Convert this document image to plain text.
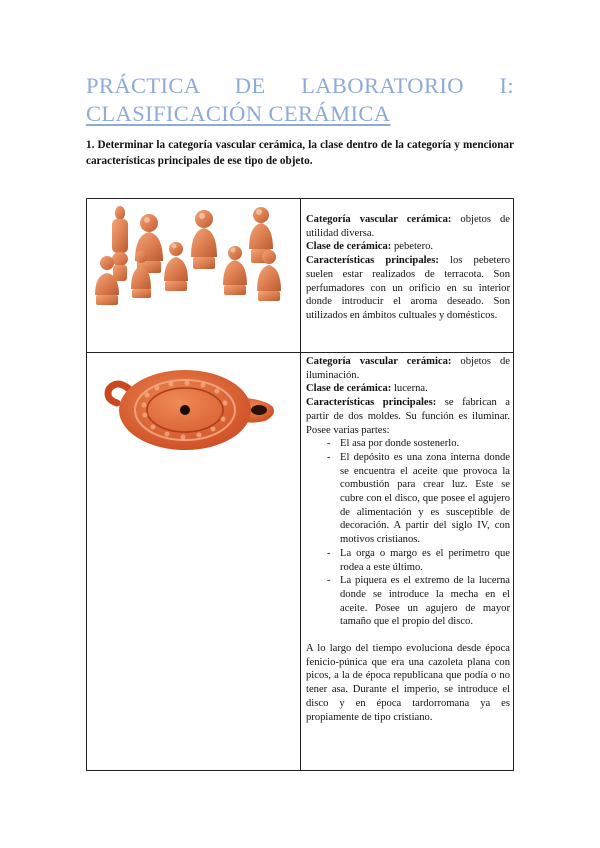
PRÁCTICA DE LABORATORIO I:
CLASIFICACIÓN CERÁMICA
1. Determinar la categoría vascular cerámica, la clase dentro de la categoría y mencionar características principales de ese tipo de objeto.

Categoría vascular cerámica: objetos de utilidad diversa.

Clase de cerámica: pebetero.

Características principales: los pebetero suelen estar realizados de terracota. Son perfumadores con un orificio en su interior donde introducir el aroma deseado. Son utilizados en ámbitos cultuales y domésticos.

Categoría vascular cerámica: objetos de iluminación.

Clase de cerámica: lucerna.

Características principales: se fabrican a partir de dos moldes. Su función es iluminar. Posee varias partes:

- El asa por donde sostenerlo.
- El depósito es una zona interna donde se encuentra el aceite que provoca la combustión para crear luz. Este se cubre con el disco, que posee el agujero de alimentación y es susceptible de decoración. A partir del siglo IV, con motivos cristianos.
- La orga o margo es el perímetro que rodea a este último.
- La piquera es el extremo de la lucerna donde se introduce la mecha en el aceite. Posee un agujero de mayor tamaño que el propio del disco.

A lo largo del tiempo evoluciona desde época fenicio-púnica que era una cazoleta plana con picos, a la de época republicana que podía o no tener asa. Durante el imperio, se introduce el disco y en época tardorromana ya es propiamente de tipo cristiano.
